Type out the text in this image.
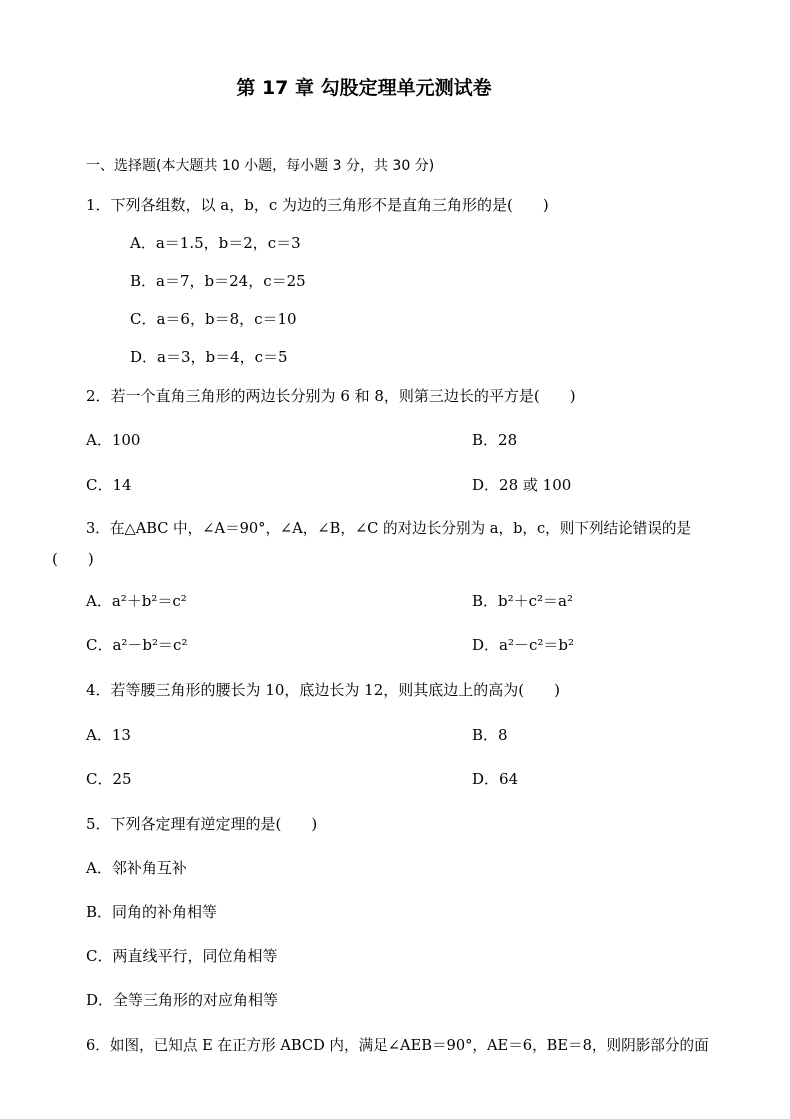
第 17 章 勾股定理单元测试卷
一、选择题(本大题共 10 小题，每小题 3 分，共 30 分)
1．下列各组数，以 a，b，c 为边的三角形不是直角三角形的是(　　)
A．a＝1.5，b＝2，c＝3
B．a＝7，b＝24，c＝25
C．a＝6，b＝8，c＝10
D．a＝3，b＝4，c＝5
2．若一个直角三角形的两边长分别为 6 和 8，则第三边长的平方是(　　)
A．100	B．28
C．14	D．28 或 100
3．在△ABC 中，∠A＝90°，∠A，∠B，∠C 的对边长分别为 a，b，c，则下列结论错误的是
(　　)
A．a²＋b²＝c²	B．b²＋c²＝a²
C．a²－b²＝c²	D．a²－c²＝b²
4．若等腰三角形的腰长为 10，底边长为 12，则其底边上的高为(　　)
A．13	B．8
C．25	D．64
5．下列各定理有逆定理的是(　　)
A．邻补角互补
B．同角的补角相等
C．两直线平行，同位角相等
D．全等三角形的对应角相等
6．如图，已知点 E 在正方形 ABCD 内，满足∠AEB＝90°，AE＝6，BE＝8，则阴影部分的面
